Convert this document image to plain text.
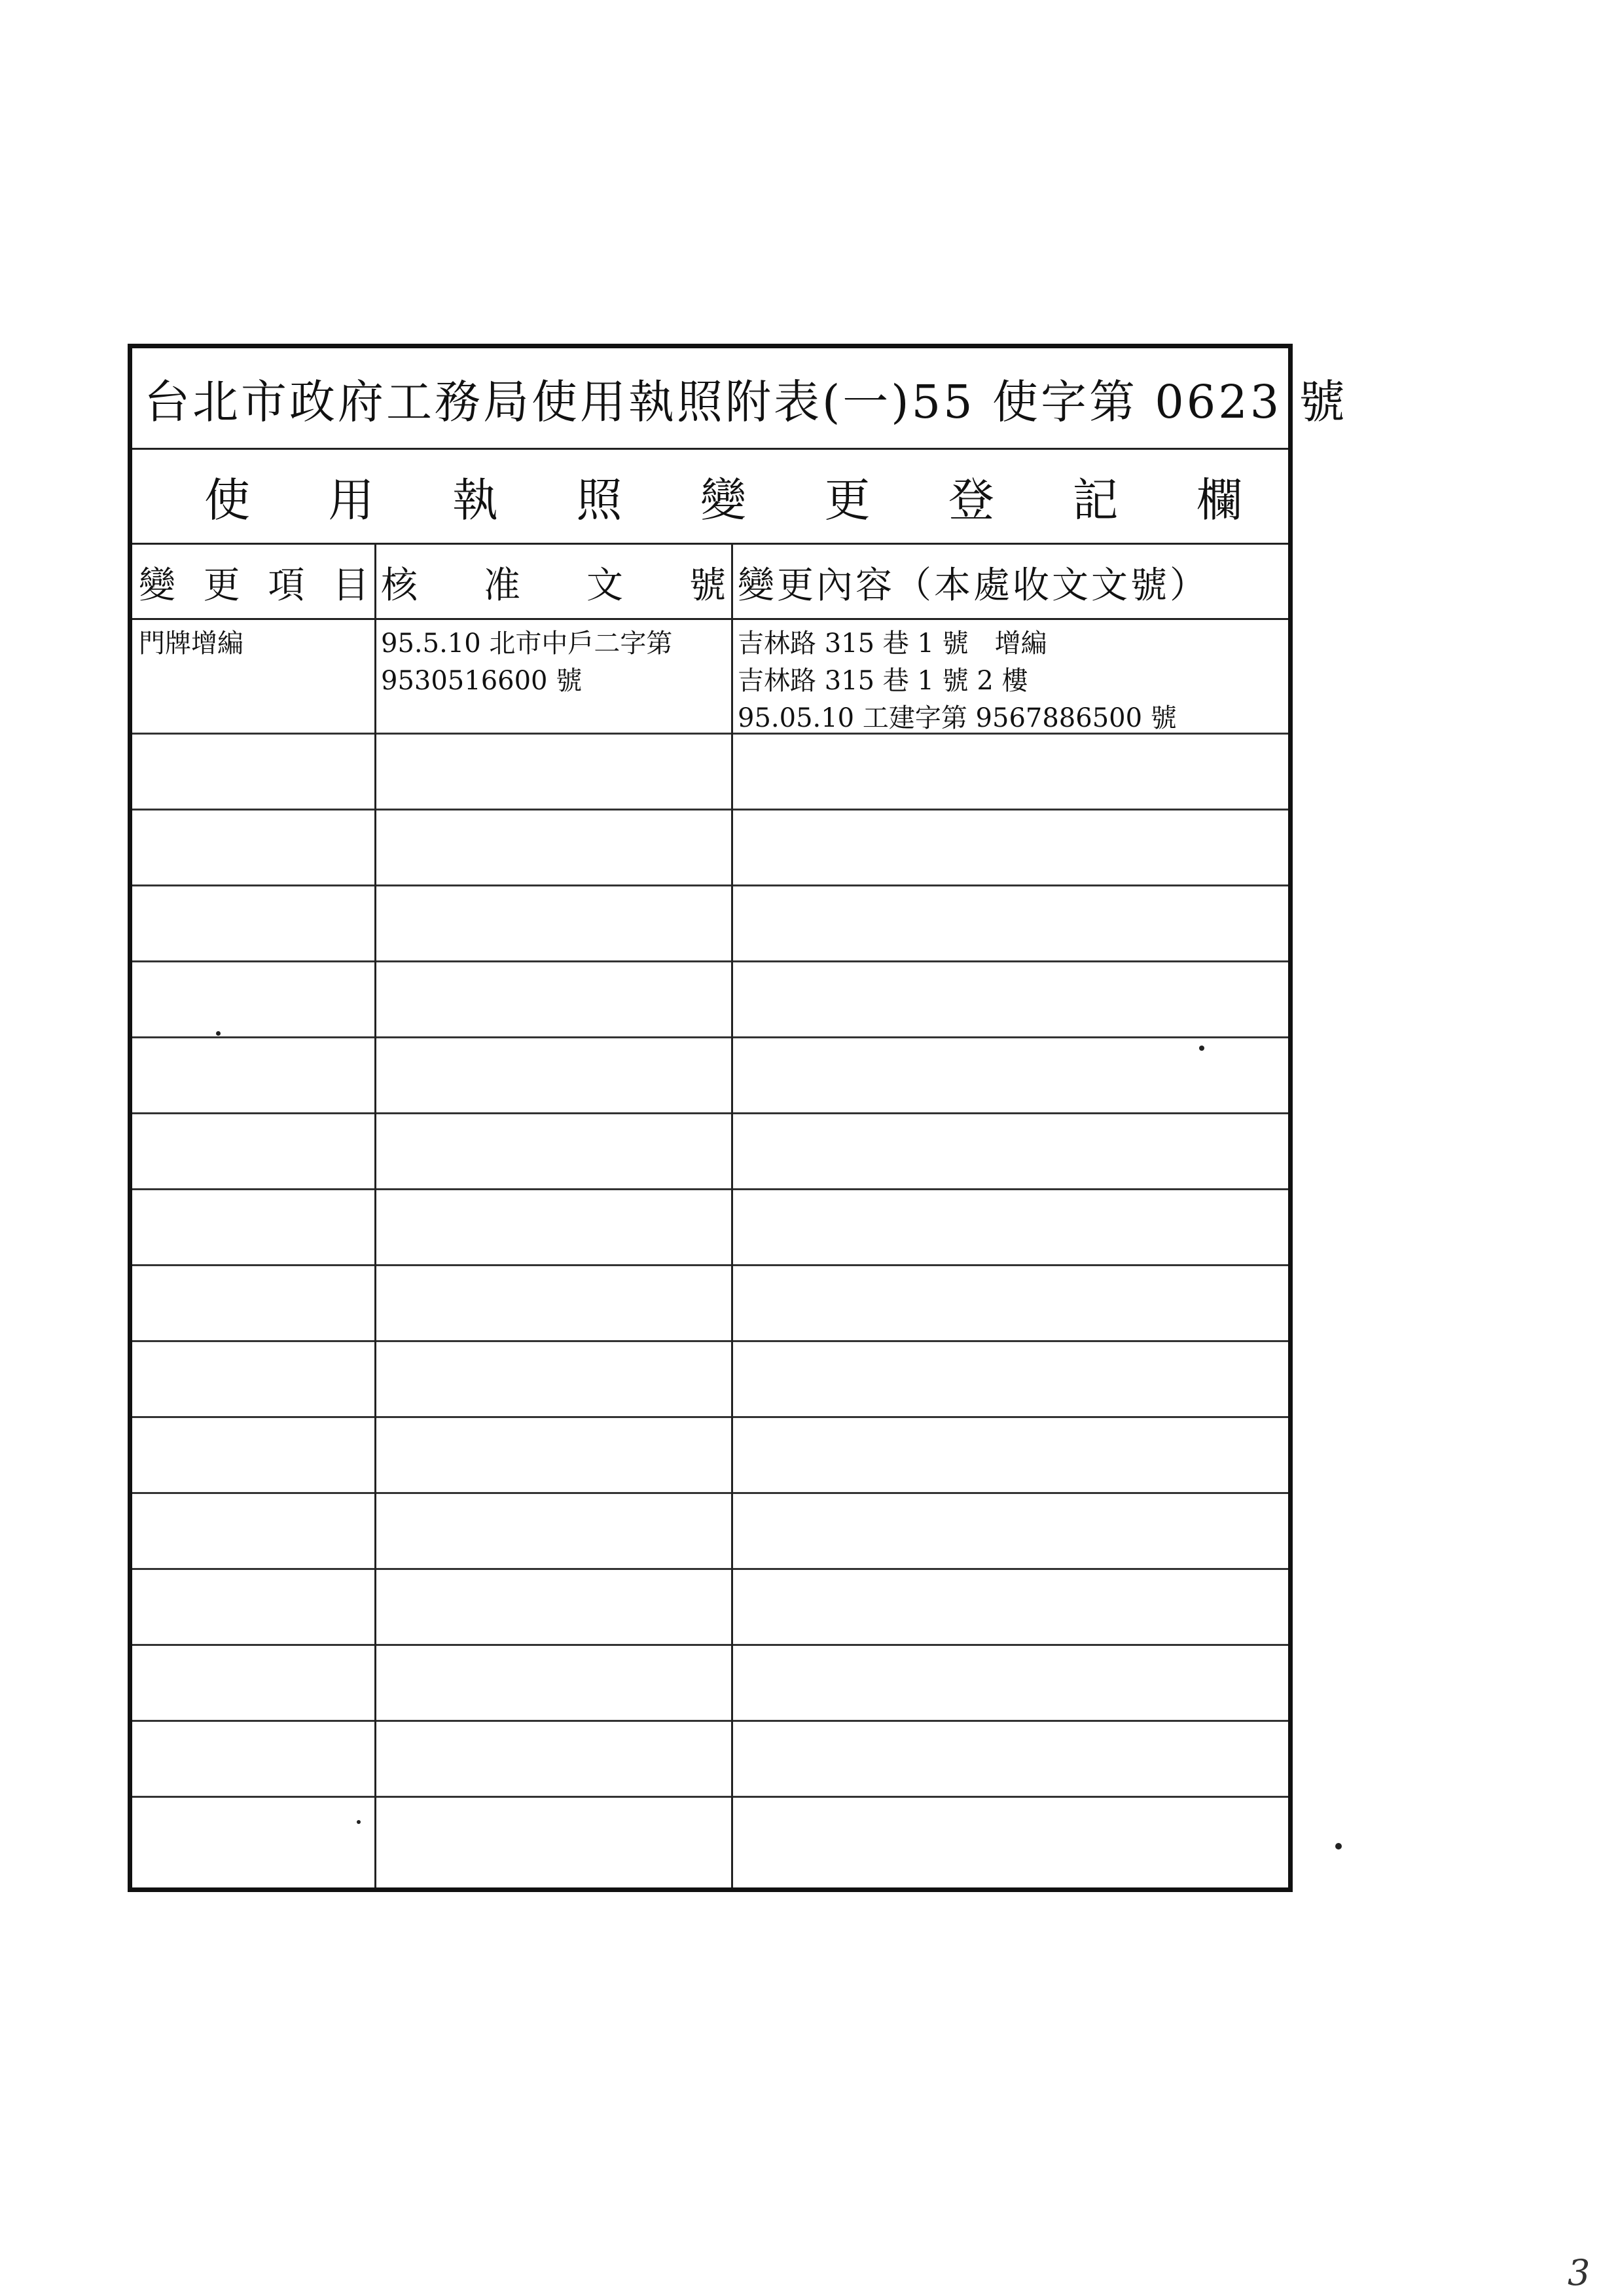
台北市政府工務局使用執照附表(一)55 使字第 0623 號
使 用 執 照 變 更 登 記 欄
變 更 項 目 核 准 文 號 變更內容（本處收文文號）
門牌增編	95.5.10 北市中戶二字第
9530516600 號
吉林路 315 巷 1 號　增編
吉林路 315 巷 1 號 2 樓
95.05.10 工建字第 9567886500 號
3
